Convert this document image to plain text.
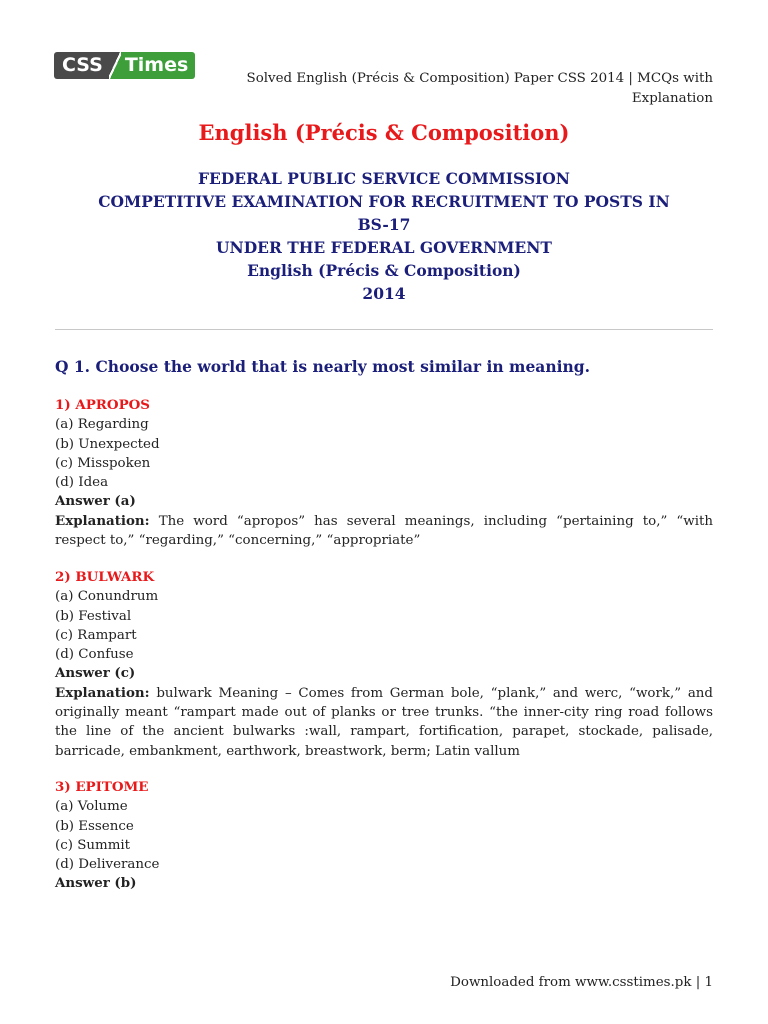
CSS	Times
Solved English (Précis & Composition) Paper CSS 2014 | MCQs with
Explanation
English (Précis & Composition)
FEDERAL PUBLIC SERVICE COMMISSION
COMPETITIVE EXAMINATION FOR RECRUITMENT TO POSTS IN
BS-17
UNDER THE FEDERAL GOVERNMENT
English (Précis & Composition)
2014
Q 1. Choose the world that is nearly most similar in meaning.
1) APROPOS
(a) Regarding
(b) Unexpected
(c) Misspoken
(d) Idea
Answer (a)
Explanation: The word “apropos” has several meanings, including “pertaining to,” “with respect to,” “regarding,” “concerning,” “appropriate”
2) BULWARK
(a) Conundrum
(b) Festival
(c) Rampart
(d) Confuse
Answer (c)
Explanation: bulwark Meaning – Comes from German bole, “plank,” and werc, “work,” and originally meant “rampart made out of planks or tree trunks. “the inner-city ring road follows the line of the ancient bulwarks :wall, rampart, fortification, parapet, stockade, palisade, barricade, embankment, earthwork, breastwork, berm; Latin vallum
3) EPITOME
(a) Volume
(b) Essence
(c) Summit
(d) Deliverance
Answer (b)
Downloaded from www.csstimes.pk | 1
